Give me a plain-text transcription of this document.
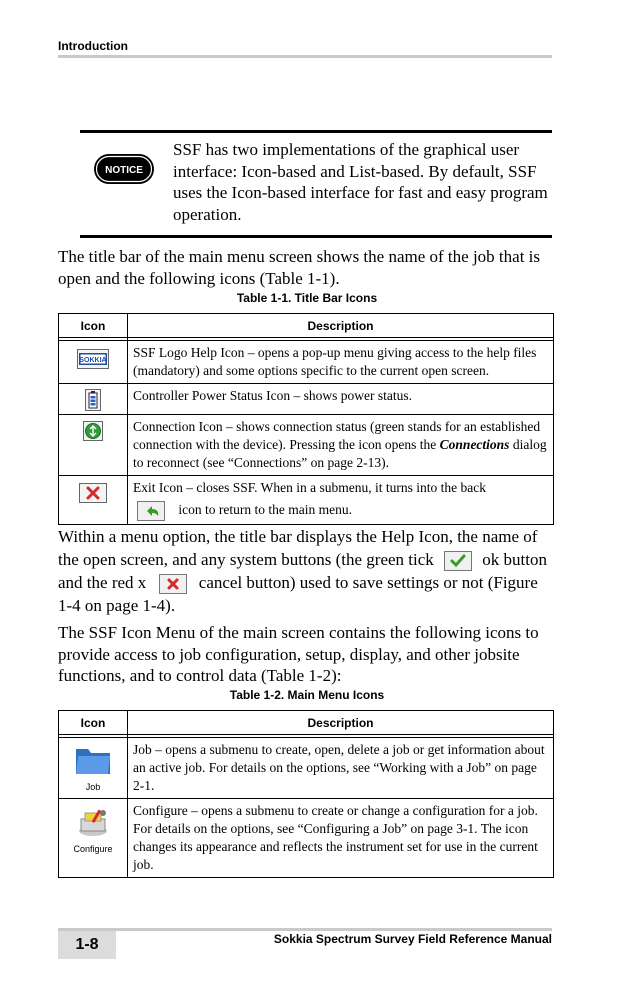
Introduction
NOTICE
SSF has two implementations of the graphical user interface: Icon-based and List-based. By default, SSF uses the Icon-based interface for fast and easy program operation.
The title bar of the main menu screen shows the name of the job that is open and the following icons (Table 1-1).
Table 1-1. Title Bar Icons
Icon	Description

SOKKIA	SSF Logo Help Icon – opens a pop-up menu giving access to the help files (mandatory) and some options specific to the current open screen.
	Controller Power Status Icon – shows power status.
	Connection Icon – shows connection status (green stands for an established connection with the device). Pressing the icon opens the Connections dialog to reconnect (see “Connections” on page 2-13).

Exit Icon – closes SSF. When in a submenu, it turns into the back
icon to return to the main menu.
Within a menu option, the title bar displays the Help Icon, the name of the open screen, and any system buttons (the green tick	ok button and the red x	cancel button) used to save settings or not (Figure 1-4 on page 1-4).
The SSF Icon Menu of the main screen contains the following icons to provide access to job configuration, setup, display, and other jobsite functions, and to control data (Table 1-2):
Table 1-2. Main Menu Icons
Icon	Description

Job	Job – opens a submenu to create, open, delete a job or get information about an active job. For details on the options, see “Working with a Job” on page 2-1.

Configure	Configure – opens a submenu to create or change a configuration for a job. For details on the options, see “Configuring a Job” on page 3-1. The icon changes its appearance and reflects the instrument set for use in the current job.
1-8	Sokkia Spectrum Survey Field Reference Manual
